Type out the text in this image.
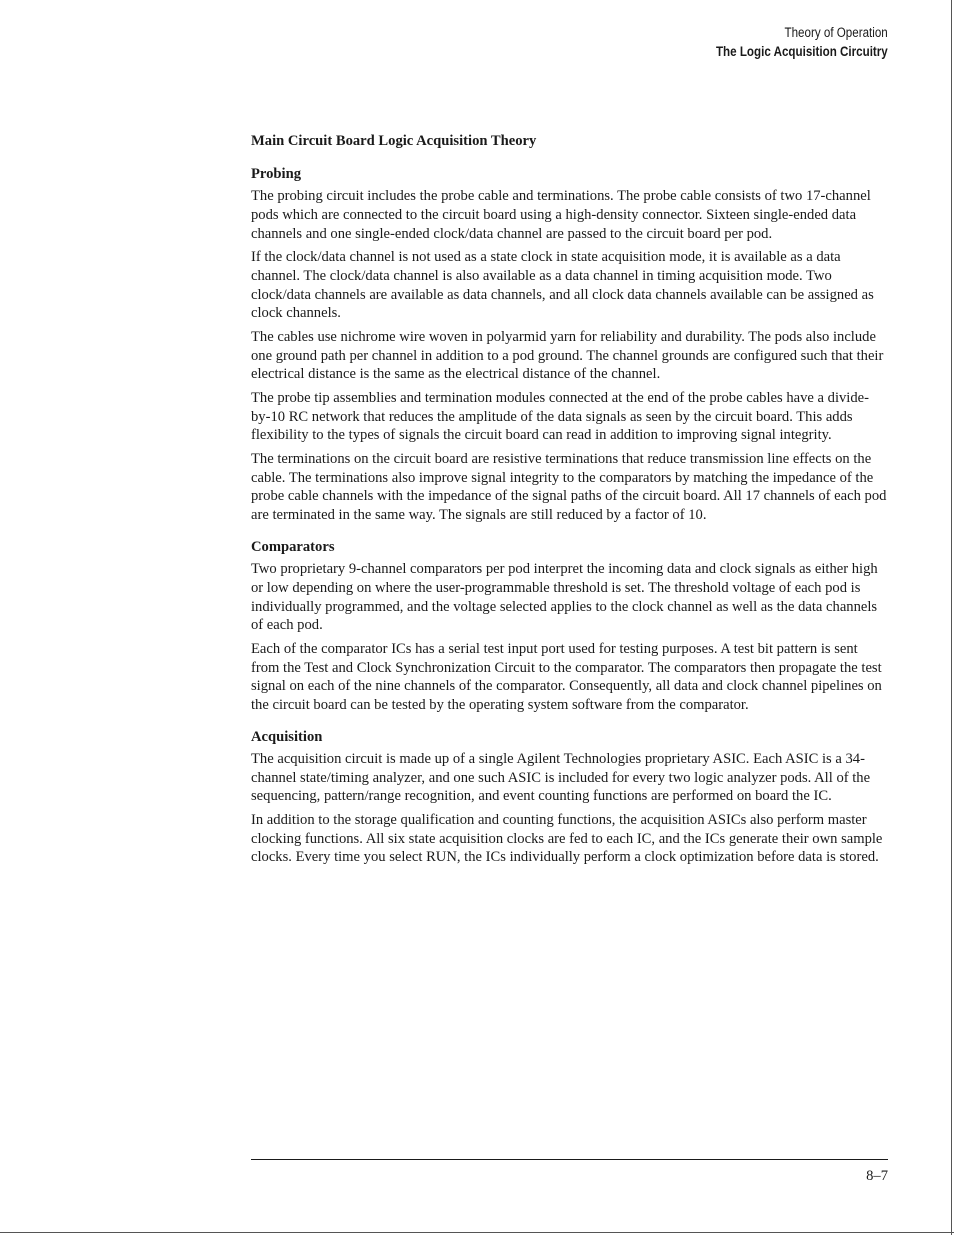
Theory of Operation
The Logic Acquisition Circuitry
Main Circuit Board Logic Acquisition Theory
Probing

The probing circuit includes the probe cable and terminations. The probe cable consists of two 17-channel pods which are connected to the circuit board using a high-density connector. Sixteen single-ended data channels and one single-ended clock/data channel are passed to the circuit board per pod.

If the clock/data channel is not used as a state clock in state acquisition mode, it is available as a data channel. The clock/data channel is also available as a data channel in timing acquisition mode. Two clock/data channels are available as data channels, and all clock data channels available can be assigned as clock channels.

The cables use nichrome wire woven in polyarmid yarn for reliability and durability. The pods also include one ground path per channel in addition to a pod ground. The channel grounds are configured such that their electrical distance is the same as the electrical distance of the channel.

The probe tip assemblies and termination modules connected at the end of the probe cables have a divide-by-10 RC network that reduces the amplitude of the data signals as seen by the circuit board. This adds flexibility to the types of signals the circuit board can read in addition to improving signal integrity.

The terminations on the circuit board are resistive terminations that reduce transmission line effects on the cable. The terminations also improve signal integrity to the comparators by matching the impedance of the probe cable channels with the impedance of the signal paths of the circuit board. All 17 channels of each pod are terminated in the same way. The signals are still reduced by a factor of 10.

Comparators

Two proprietary 9-channel comparators per pod interpret the incoming data and clock signals as either high or low depending on where the user-programmable threshold is set. The threshold voltage of each pod is individually programmed, and the voltage selected applies to the clock channel as well as the data channels of each pod.

Each of the comparator ICs has a serial test input port used for testing purposes. A test bit pattern is sent from the Test and Clock Synchronization Circuit to the comparator. The comparators then propagate the test signal on each of the nine channels of the comparator. Consequently, all data and clock channel pipelines on the circuit board can be tested by the operating system software from the comparator.

Acquisition

The acquisition circuit is made up of a single Agilent Technologies proprietary ASIC. Each ASIC is a 34-channel state/timing analyzer, and one such ASIC is included for every two logic analyzer pods. All of the sequencing, pattern/range recognition, and event counting functions are performed on board the IC.

In addition to the storage qualification and counting functions, the acquisition ASICs also perform master clocking functions. All six state acquisition clocks are fed to each IC, and the ICs generate their own sample clocks. Every time you select RUN, the ICs individually perform a clock optimization before data is stored.

8–7
